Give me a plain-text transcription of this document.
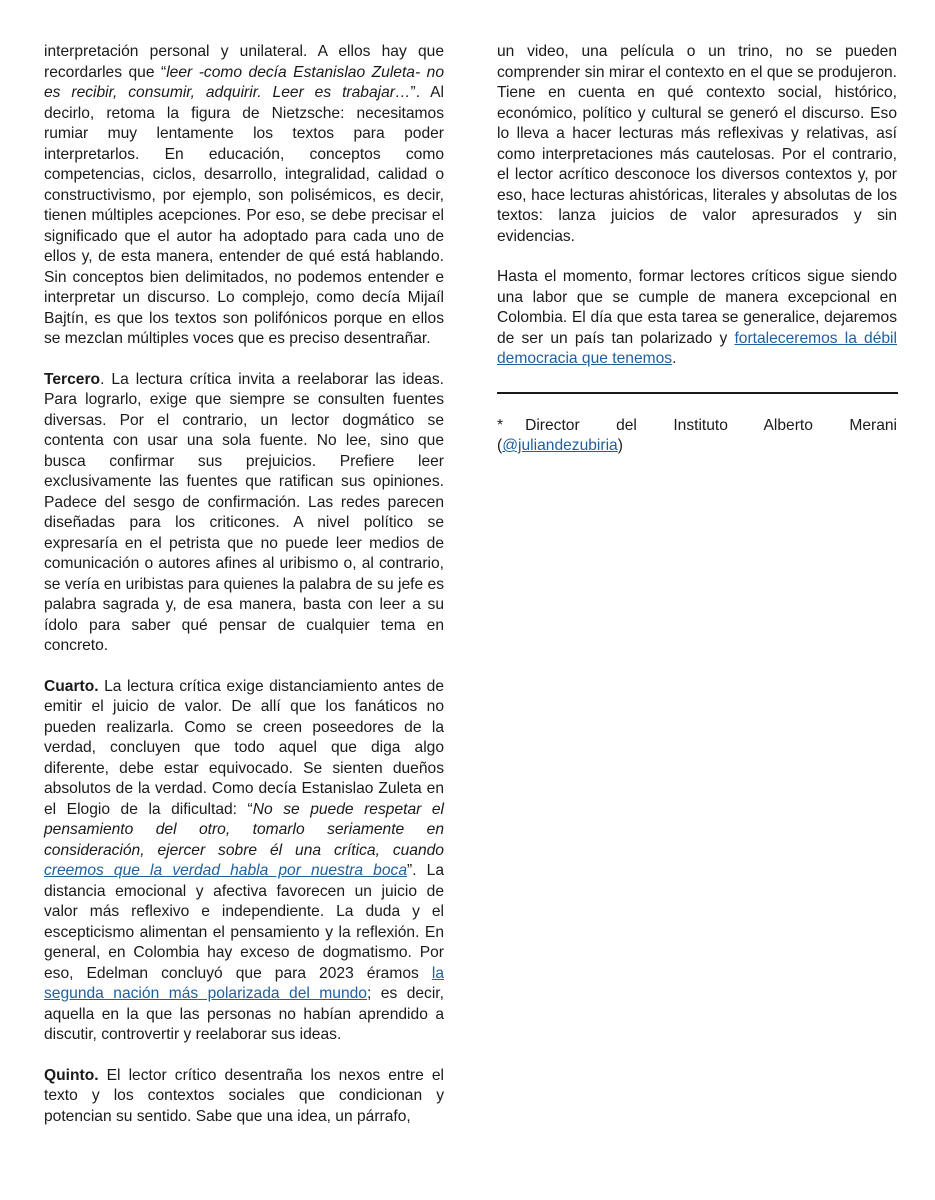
interpretación personal y unilateral. A ellos hay que recordarles que “leer -como decía Estanislao Zuleta- no es recibir, consumir, adquirir. Leer es trabajar…”. Al decirlo, retoma la figura de Nietzsche: necesitamos rumiar muy lentamente los textos para poder interpretarlos. En educación, conceptos como competencias, ciclos, desarrollo, integralidad, calidad o constructivismo, por ejemplo, son polisémicos, es decir, tienen múltiples acepciones. Por eso, se debe precisar el significado que el autor ha adoptado para cada uno de ellos y, de esta manera, entender de qué está hablando. Sin conceptos bien delimitados, no podemos entender e interpretar un discurso. Lo complejo, como decía Mijaíl Bajtín, es que los textos son polifónicos porque en ellos se mezclan múltiples voces que es preciso desentrañar.

Tercero. La lectura crítica invita a reelaborar las ideas. Para lograrlo, exige que siempre se consulten fuentes diversas. Por el contrario, un lector dogmático se contenta con usar una sola fuente. No lee, sino que busca confirmar sus prejuicios. Prefiere leer exclusivamente las fuentes que ratifican sus opiniones. Padece del sesgo de confirmación. Las redes parecen diseñadas para los criticones. A nivel político se expresaría en el petrista que no puede leer medios de comunicación o autores afines al uribismo o, al contrario, se vería en uribistas para quienes la palabra de su jefe es palabra sagrada y, de esa manera, basta con leer a su ídolo para saber qué pensar de cualquier tema en concreto.

Cuarto. La lectura crítica exige distanciamiento antes de emitir el juicio de valor. De allí que los fanáticos no pueden realizarla. Como se creen poseedores de la verdad, concluyen que todo aquel que diga algo diferente, debe estar equivocado. Se sienten dueños absolutos de la verdad. Como decía Estanislao Zuleta en el Elogio de la dificultad: “No se puede respetar el pensamiento del otro, tomarlo seriamente en consideración, ejercer sobre él una crítica, cuando creemos que la verdad habla por nuestra boca”. La distancia emocional y afectiva favorecen un juicio de valor más reflexivo e independiente. La duda y el escepticismo alimentan el pensamiento y la reflexión. En general, en Colombia hay exceso de dogmatismo. Por eso, Edelman concluyó que para 2023 éramos la segunda nación más polarizada del mundo; es decir, aquella en la que las personas no habían aprendido a discutir, controvertir y reelaborar sus ideas.

Quinto. El lector crítico desentraña los nexos entre el texto y los contextos sociales que condicionan y potencian su sentido. Sabe que una idea, un párrafo,

un video, una película o un trino, no se pueden comprender sin mirar el contexto en el que se produjeron. Tiene en cuenta en qué contexto social, histórico, económico, político y cultural se generó el discurso. Eso lo lleva a hacer lecturas más reflexivas y relativas, así como interpretaciones más cautelosas. Por el contrario, el lector acrítico desconoce los diversos contextos y, por eso, hace lecturas ahistóricas, literales y absolutas de los textos: lanza juicios de valor apresurados y sin evidencias.

Hasta el momento, formar lectores críticos sigue siendo una labor que se cumple de manera excepcional en Colombia. El día que esta tarea se generalice, dejaremos de ser un país tan polarizado y fortaleceremos la débil democracia que tenemos.

* Director del Instituto Alberto Merani (@juliandezubiria)
